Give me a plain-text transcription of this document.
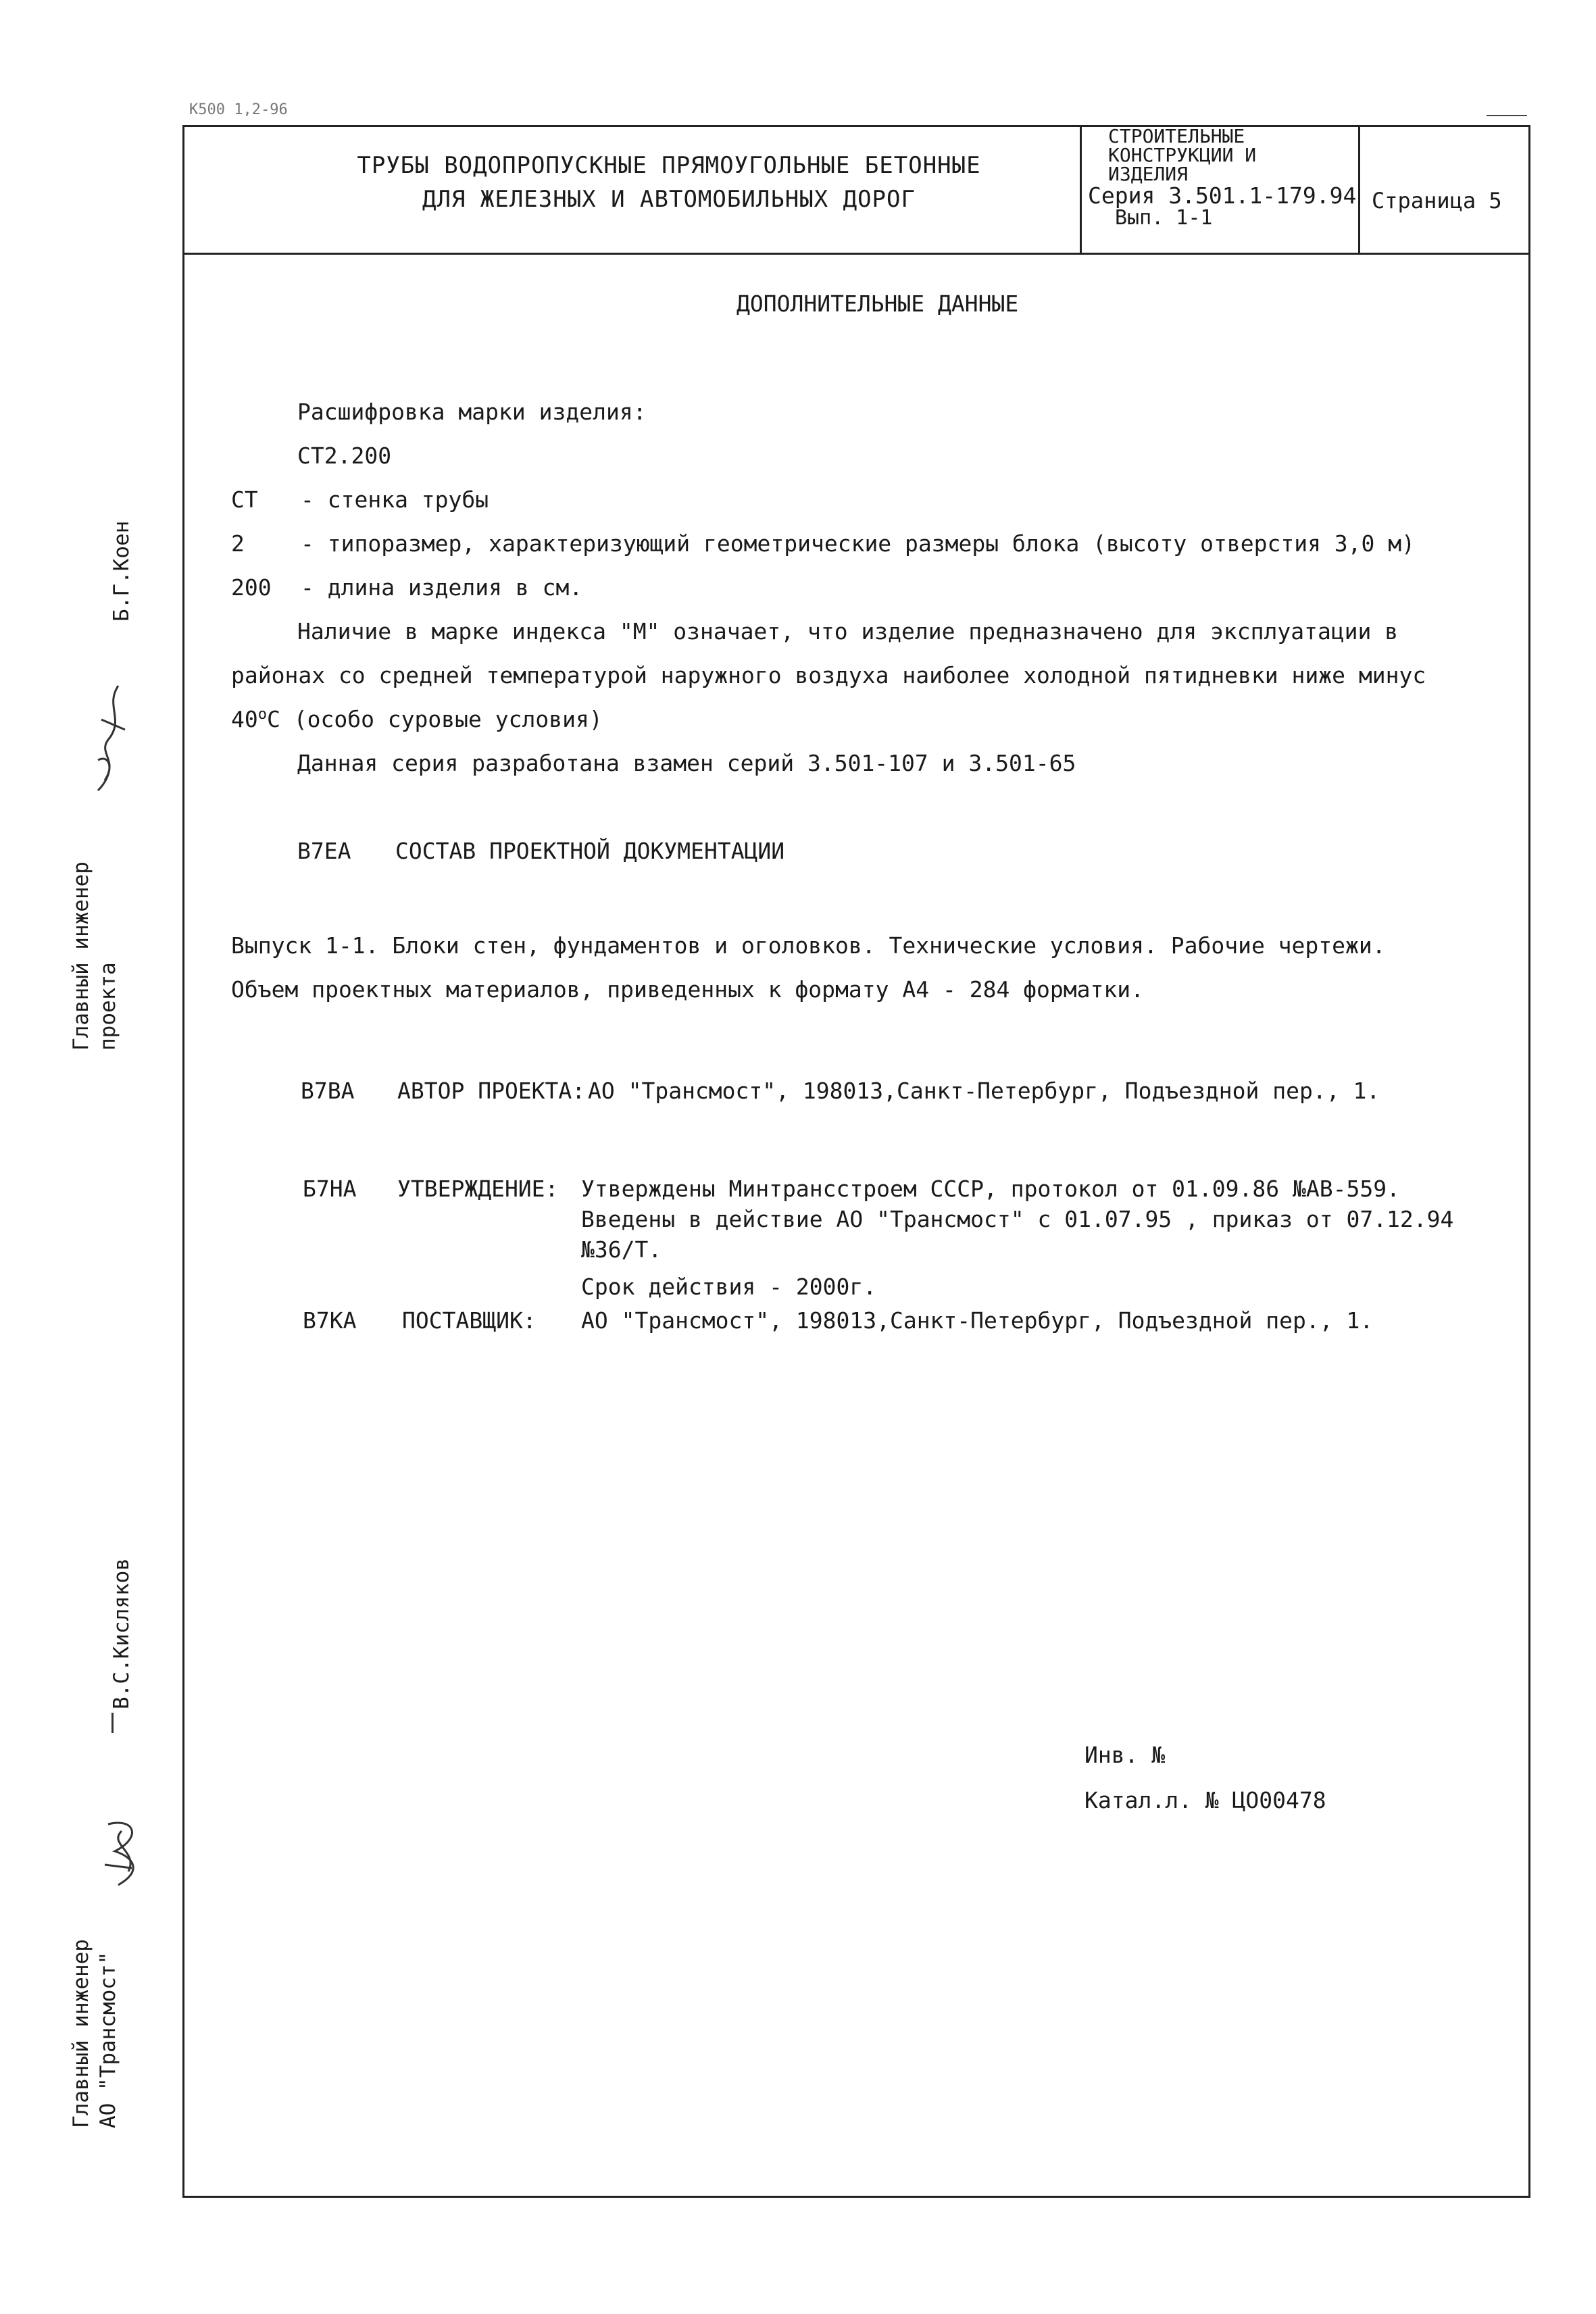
К500 1,2-96
ТРУБЫ ВОДОПРОПУСКНЫЕ ПРЯМОУГОЛЬНЫЕ БЕТОННЫЕ
ДЛЯ ЖЕЛЕЗНЫХ И АВТОМОБИЛЬНЫХ ДОРОГ
СТРОИТЕЛЬНЫЕ
КОНСТРУКЦИИ И
ИЗДЕЛИЯ
Серия 3.501.1-179.94
Вып. 1-1
Страница 5
ДОПОЛНИТЕЛЬНЫЕ ДАННЫЕ
Расшифровка марки изделия:
СТ2.200
СТ - стенка трубы
2	- типоразмер, характеризующий геометрические размеры блока (высоту отверстия 3,0 м)
200 - длина изделия в см.
Наличие в марке индекса "М" означает, что изделие предназначено для эксплуатации в
районах со средней температурой наружного воздуха наиболее холодной пятидневки ниже минус
$40^оС$ (особо суровые условия)
Данная серия разработана взамен серий 3.501-107 и 3.501-65
В7ЕА СОСТАВ ПРОЕКТНОЙ ДОКУМЕНТАЦИИ
Выпуск 1-1. Блоки стен, фундаментов и оголовков. Технические условия. Рабочие чертежи.
Объем проектных материалов, приведенных к формату А4 - 284 форматки.
В7ВА АВТОР ПРОЕКТА: АО "Трансмост", 198013,Санкт-Петербург, Подъездной пер., 1.
Б7НА УТВЕРЖДЕНИЕ: Утверждены Минтрансстроем СССР, протокол от 01.09.86 №АВ-559.
Введены в действие АО "Трансмост" с 01.07.95 , приказ от 07.12.94
№36/Т.
Срок действия - 2000г.
В7КА ПОСТАВЩИК: АО "Трансмост", 198013,Санкт-Петербург, Подъездной пер., 1.
Инв. №
Катал.л. № ЦО00478
Главный инженер проекта
Б.Г.Коен
Главный инженер АО "Трансмост"
В.С.Кисляков
